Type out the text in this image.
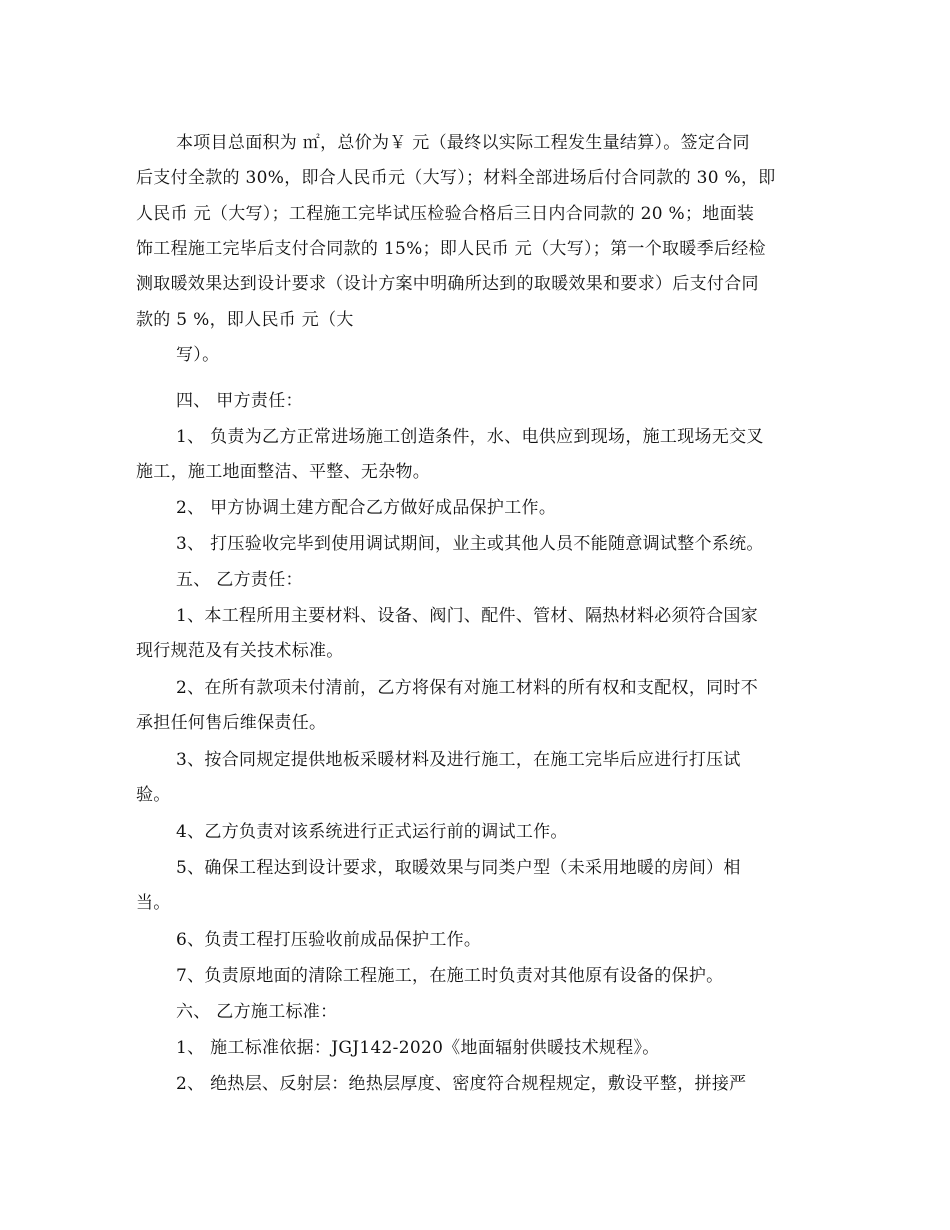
本项目总面积为 ㎡，总价为￥ 元（最终以实际工程发生量结算）。签定合同
后支付全款的 30%，即合人民币元（大写）；材料全部进场后付合同款的 30 %，即
人民币 元（大写）；工程施工完毕试压检验合格后三日内合同款的 20 %；地面装
饰工程施工完毕后支付合同款的 15%；即人民币 元（大写）；第一个取暖季后经检
测取暖效果达到设计要求（设计方案中明确所达到的取暖效果和要求）后支付合同
款的 5 %，即人民币 元（大
写）。
四、 甲方责任：
1、 负责为乙方正常进场施工创造条件，水、电供应到现场，施工现场无交叉
施工，施工地面整洁、平整、无杂物。
2、 甲方协调土建方配合乙方做好成品保护工作。
3、 打压验收完毕到使用调试期间，业主或其他人员不能随意调试整个系统。
五、 乙方责任：
1、本工程所用主要材料、设备、阀门、配件、管材、隔热材料必须符合国家
现行规范及有关技术标准。
2、在所有款项未付清前，乙方将保有对施工材料的所有权和支配权，同时不
承担任何售后维保责任。
3、按合同规定提供地板采暖材料及进行施工，在施工完毕后应进行打压试
验。
4、乙方负责对该系统进行正式运行前的调试工作。
5、确保工程达到设计要求，取暖效果与同类户型（未采用地暖的房间）相
当。
6、负责工程打压验收前成品保护工作。
7、负责原地面的清除工程施工，在施工时负责对其他原有设备的保护。
六、 乙方施工标准：
1、 施工标准依据：JGJ142-2020《地面辐射供暖技术规程》。
2、 绝热层、反射层：绝热层厚度、密度符合规程规定，敷设平整，拼接严
